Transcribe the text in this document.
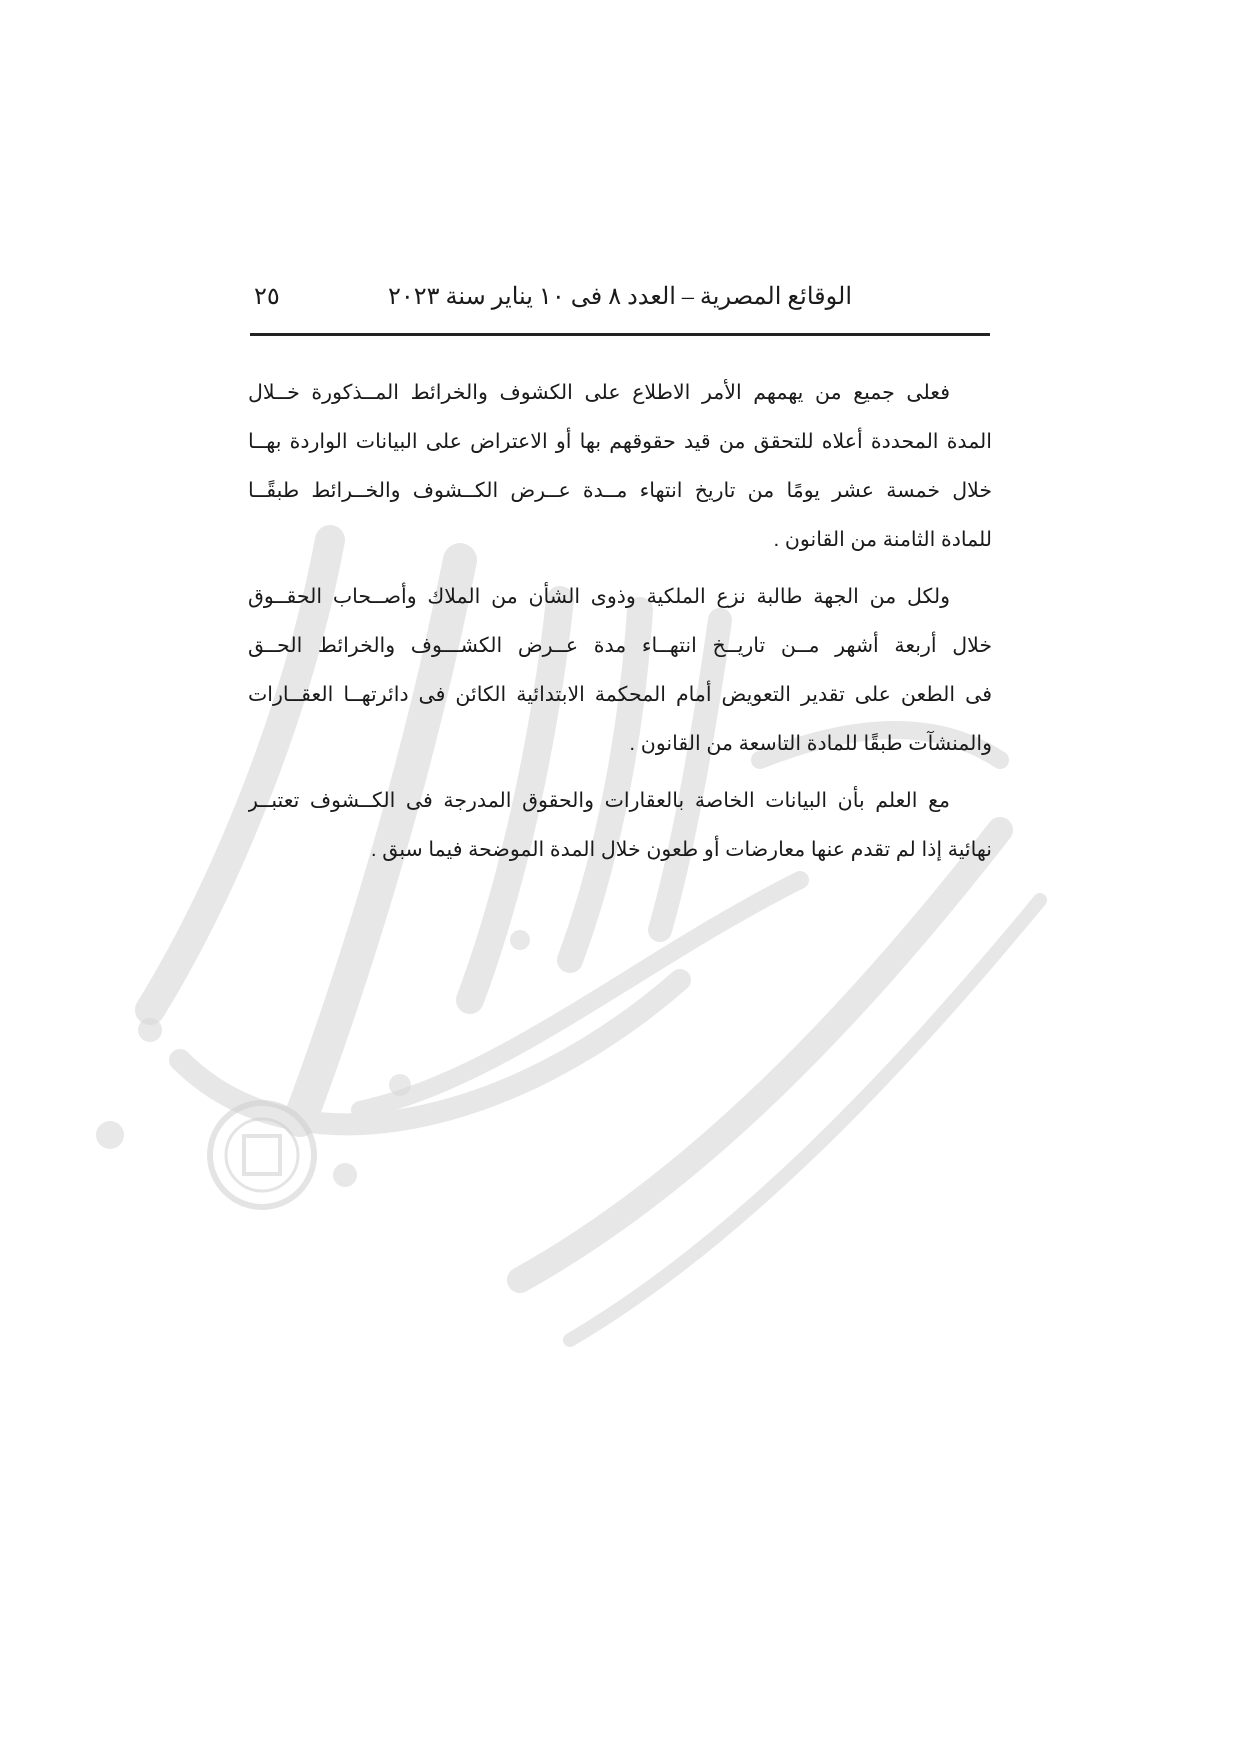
الوقائع المصرية – العدد ٨ فى ١٠ يناير سنة ٢٠٢٣
٢٥
فعلى جميع من يهمهم الأمر الاطلاع على الكشوف والخرائط المــذكورة خــلال
المدة المحددة أعلاه للتحقق من قيد حقوقهم بها أو الاعتراض على البيانات الواردة بهــا
خلال خمسة عشر يومًا من تاريخ انتهاء مــدة عــرض الكــشوف والخــرائط طبقًــا
للمادة الثامنة من القانون .
ولكل من الجهة طالبة نزع الملكية وذوى الشأن من الملاك وأصــحاب الحقــوق
خلال أربعة أشهر مــن تاريــخ انتهــاء مدة عــرض الكشـــوف والخرائط الحــق
فى الطعن على تقدير التعويض أمام المحكمة الابتدائية الكائن فى دائرتهــا العقــارات
والمنشآت طبقًا للمادة التاسعة من القانون .
مع العلم بأن البيانات الخاصة بالعقارات والحقوق المدرجة فى الكــشوف تعتبــر
نهائية إذا لم تقدم عنها معارضات أو طعون خلال المدة الموضحة فيما سبق .
